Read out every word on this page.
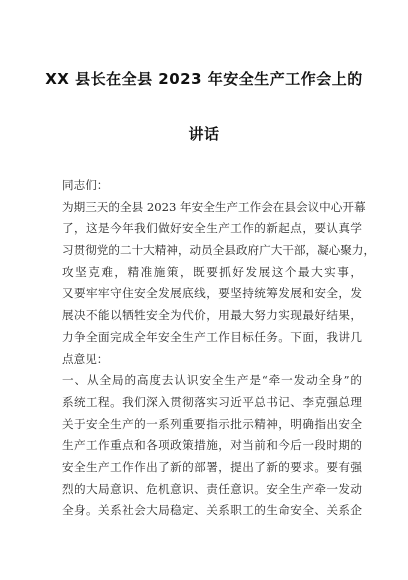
XX 县长在全县 2023 年安全生产工作会上的
讲话
同志们：
为期三天的全县 2023 年安全生产工作会在县会议中心开幕
了，这是今年我们做好安全生产工作的新起点，要认真学
习贯彻党的二十大精神，动员全县政府广大干部，凝心聚力，
攻坚克难，精准施策，既要抓好发展这个最大实事，
又要牢牢守住安全发展底线，要坚持统筹发展和安全，发
展决不能以牺牲安全为代价，用最大努力实现最好结果，
力争全面完成全年安全生产工作目标任务。下面，我讲几
点意见：
一、从全局的高度去认识安全生产是“牵一发动全身”的
系统工程。我们深入贯彻落实习近平总书记、李克强总理
关于安全生产的一系列重要指示批示精神，明确指出安全
生产工作重点和各项政策措施，对当前和今后一段时期的
安全生产工作作出了新的部署，提出了新的要求。要有强
烈的大局意识、危机意识、责任意识。安全生产牵一发动
全身。关系社会大局稳定、关系职工的生命安全、关系企
